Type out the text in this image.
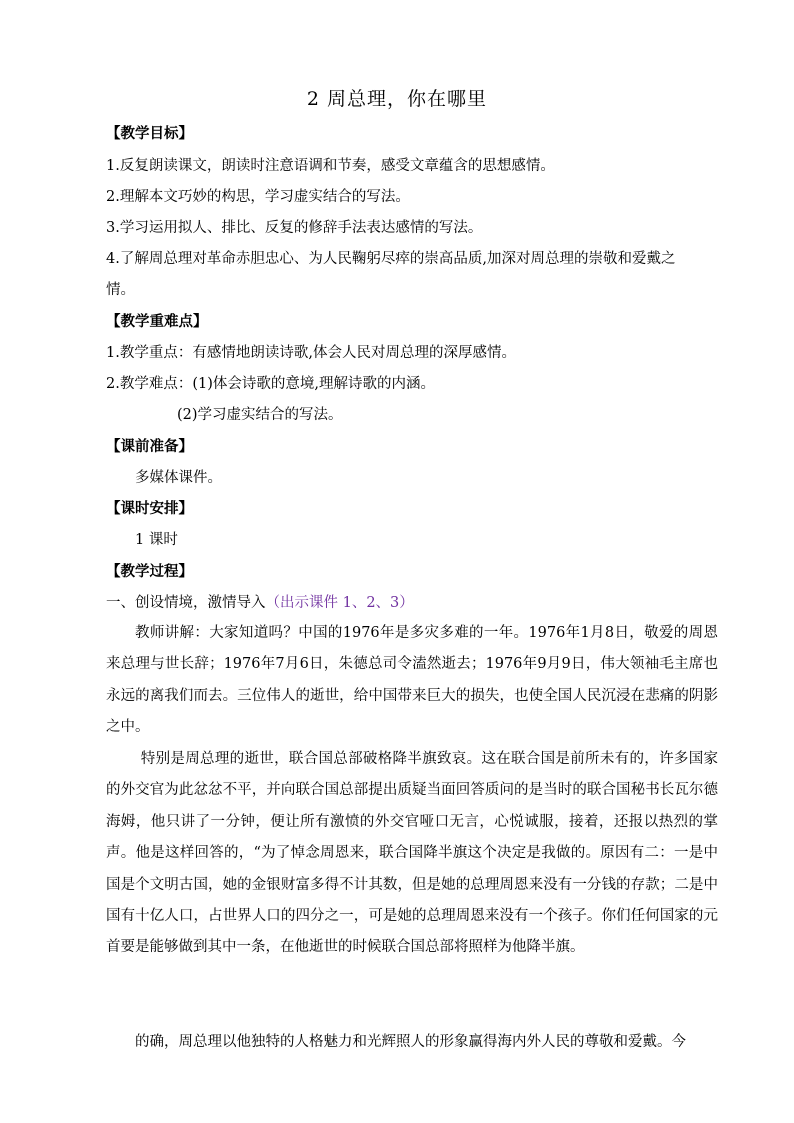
2 周总理，你在哪里
【教学目标】
1.反复朗读课文，朗读时注意语调和节奏，感受文章蕴含的思想感情。
2.理解本文巧妙的构思，学习虚实结合的写法。
3.学习运用拟人、排比、反复的修辞手法表达感情的写法。
4.了解周总理对革命赤胆忠心、为人民鞠躬尽瘁的崇高品质,加深对周总理的崇敬和爱戴之
情。
【教学重难点】
1.教学重点：有感情地朗读诗歌,体会人民对周总理的深厚感情。
2.教学难点：(1)体会诗歌的意境,理解诗歌的内涵。
(2)学习虚实结合的写法。
【课前准备】
多媒体课件。
【课时安排】
1 课时
【教学过程】
一、创设情境，激情导入（出示课件 1、2、3）
教师讲解：大家知道吗？中国的1976年是多灾多难的一年。1976年1月8日，敬爱的周恩来总理与世长辞；1976年7月6日，朱德总司令溘然逝去；1976年9月9日，伟大领袖毛主席也永远的离我们而去。三位伟人的逝世，给中国带来巨大的损失，也使全国人民沉浸在悲痛的阴影之中。
特别是周总理的逝世，联合国总部破格降半旗致哀。这在联合国是前所未有的，许多国家的外交官为此忿忿不平，并向联合国总部提出质疑当面回答质问的是当时的联合国秘书长瓦尔德海姆，他只讲了一分钟，便让所有激愤的外交官哑口无言，心悦诚服，接着，还报以热烈的掌声。他是这样回答的，“为了悼念周恩来，联合国降半旗这个决定是我做的。原因有二：一是中国是个文明古国，她的金银财富多得不计其数，但是她的总理周恩来没有一分钱的存款；二是中国有十亿人口，占世界人口的四分之一，可是她的总理周恩来没有一个孩子。你们任何国家的元首要是能够做到其中一条，在他逝世的时候联合国总部将照样为他降半旗。
的确，周总理以他独特的人格魅力和光辉照人的形象赢得海内外人民的尊敬和爱戴。今
